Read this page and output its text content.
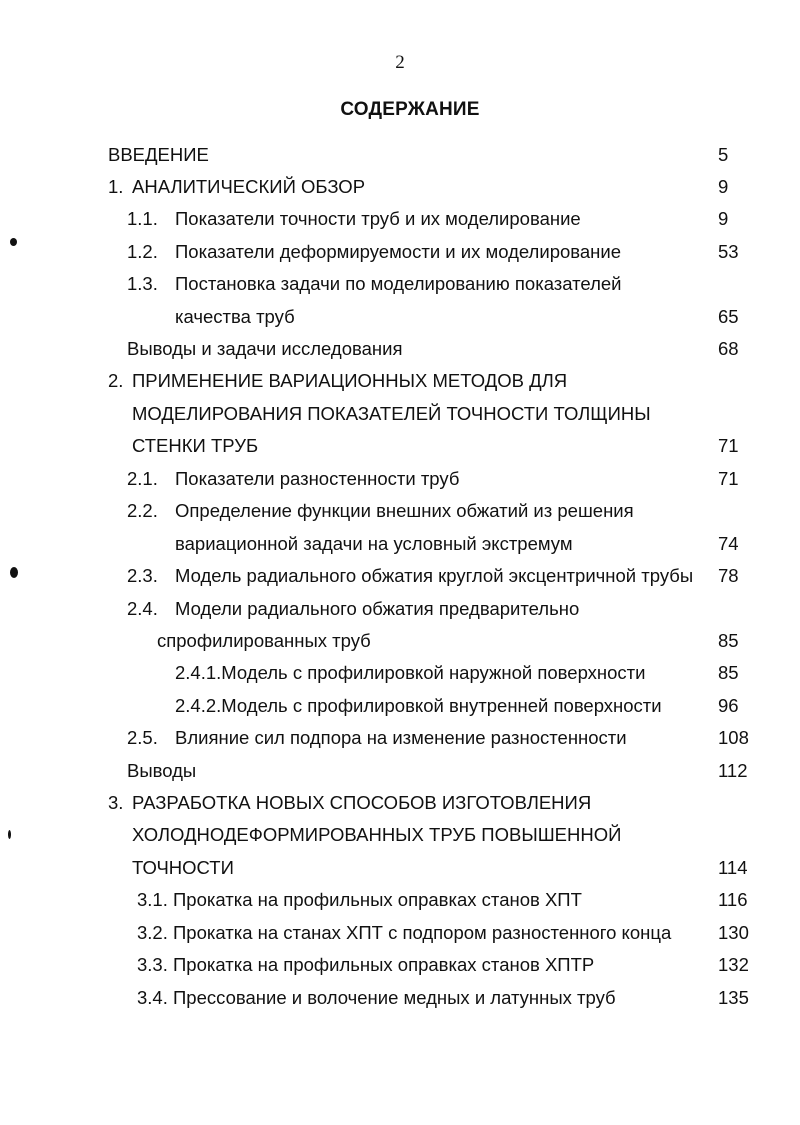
2
СОДЕРЖАНИЕ
ВВЕДЕНИЕ	5
1. АНАЛИТИЧЕСКИЙ ОБЗОР	9
1.1. Показатели точности труб и их моделирование	9
1.2. Показатели деформируемости и их моделирование	53
1.3. Постановка задачи по моделированию показателей
качества труб	65
Выводы и задачи исследования	68
2. ПРИМЕНЕНИЕ ВАРИАЦИОННЫХ МЕТОДОВ ДЛЯ
МОДЕЛИРОВАНИЯ ПОКАЗАТЕЛЕЙ ТОЧНОСТИ ТОЛЩИНЫ
СТЕНКИ ТРУБ	71
2.1. Показатели разностенности труб	71
2.2. Определение функции внешних обжатий из решения
вариационной задачи на условный экстремум	74
2.3. Модель радиального обжатия круглой эксцентричной трубы 78
2.4. Модели радиального обжатия предварительно
спрофилированных труб	85
2.4.1.Модель с профилировкой наружной поверхности	85
2.4.2.Модель с профилировкой внутренней поверхности	96
2.5. Влияние сил подпора на изменение разностенности	108
Выводы	112
3. РАЗРАБОТКА НОВЫХ СПОСОБОВ ИЗГОТОВЛЕНИЯ
ХОЛОДНОДЕФОРМИРОВАННЫХ ТРУБ ПОВЫШЕННОЙ
ТОЧНОСТИ	114
3.1. Прокатка на профильных оправках станов ХПТ	116
3.2. Прокатка на станах ХПТ с подпором разностенного конца	130
3.3. Прокатка на профильных оправках станов ХПТР	132
3.4. Прессование и волочение медных и латунных труб	135
